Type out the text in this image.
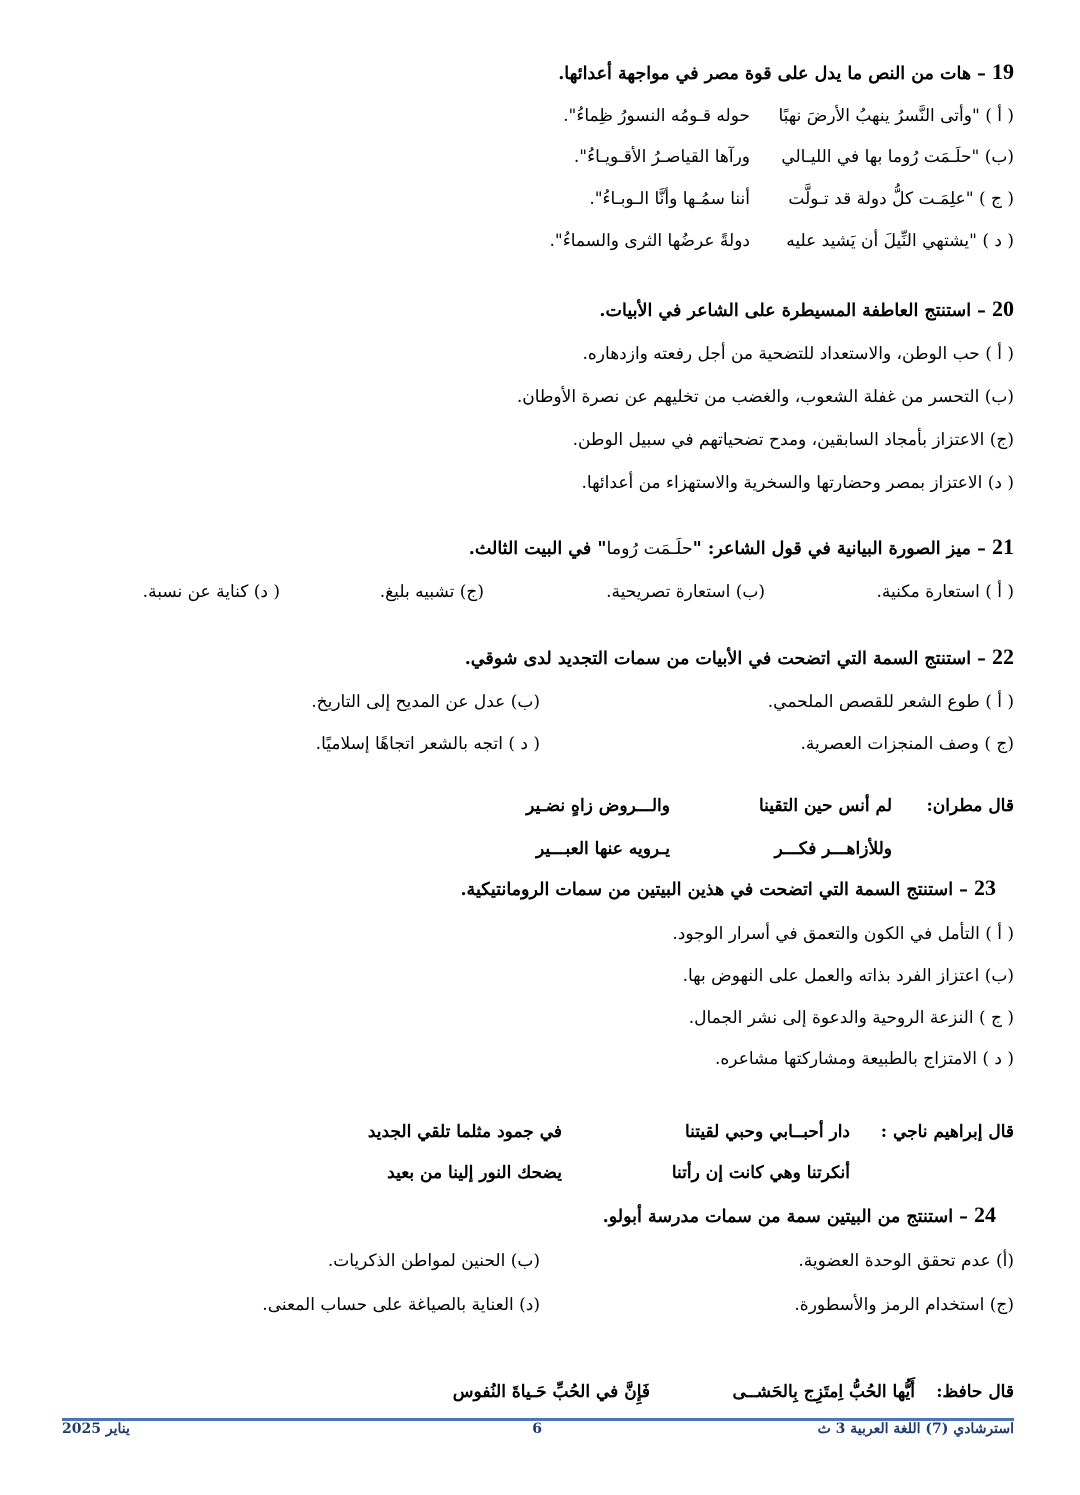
19 – هات من النص ما يدل على قوة مصر في مواجهة أعدائها.
( أ ) "وأتى النَّسرُ ينهبُ الأرضَ نهبًا
حوله قـومُه النسورُ ظِماءُ".
(ب) "حلَـمَت رُوما بها في الليـالي
ورآها القياصـرُ الأقـويـاءُ".
( ج ) "علِمَـت كلُّ دولة قد تـولَّت
أننا سمُـها وأنَّا الـوبـاءُ".
( د ) "يشتهي النِّيلَ أن يَشيد عليه
دولةً عرضُها الثرى والسماءُ".
20 – استنتج العاطفة المسيطرة على الشاعر في الأبيات.
( أ ) حب الوطن، والاستعداد للتضحية من أجل رفعته وازدهاره.
(ب) التحسر من غفلة الشعوب، والغضب من تخليهم عن نصرة الأوطان.
(ج) الاعتزاز بأمجاد السابقين، ومدح تضحياتهم في سبيل الوطن.
( د) الاعتزاز بمصر وحضارتها والسخرية والاستهزاء من أعدائها.
21 – ميز الصورة البيانية في قول الشاعر: "حلَـمَت رُوما" في البيت الثالث.
( أ ) استعارة مكنية.
(ب) استعارة تصريحية.
(ج) تشبيه بليغ.
( د) كناية عن نسبة.
22 – استنتج السمة التي اتضحت في الأبيات من سمات التجديد لدى شوقي.
( أ ) طوع الشعر للقصص الملحمي.
(ب) عدل عن المديح إلى التاريخ.
(ج ) وصف المنجزات العصرية.
( د ) اتجه بالشعر اتجاهًا إسلاميًا.
قال مطران:
لم أنس حين التقينا
والـــروض زاهٍ نضـير
وللأزاهـــر فكـــر
يـرويه عنها العبـــير
23 – استنتج السمة التي اتضحت في هذين البيتين من سمات الرومانتيكية.
( أ ) التأمل في الكون والتعمق في أسرار الوجود.
(ب) اعتزاز الفرد بذاته والعمل على النهوض بها.
( ج ) النزعة الروحية والدعوة إلى نشر الجمال.
( د ) الامتزاج بالطبيعة ومشاركتها مشاعره.
قال إبراهيم ناجي :
دار أحبــابي وحبي لقيتنا
في جمود مثلما تلقي الجديد
أنكرتنا وهي كانت إن رأتنا
يضحك النور إلينا من بعيد
24 – استنتج من البيتين سمة من سمات مدرسة أبولو.
(أ) عدم تحقق الوحدة العضوية.
(ب) الحنين لمواطن الذكريات.
(ج) استخدام الرمز والأسطورة.
(د) العناية بالصياغة على حساب المعنى.
قال حافظ:
أَيُّها الحُبُّ اِمتَزِج بِالحَشــى
فَإِنَّ في الحُبِّ حَـياةَ النُفوس
استرشادي (7) اللغة العربية 3 ث
6
يناير 2025
